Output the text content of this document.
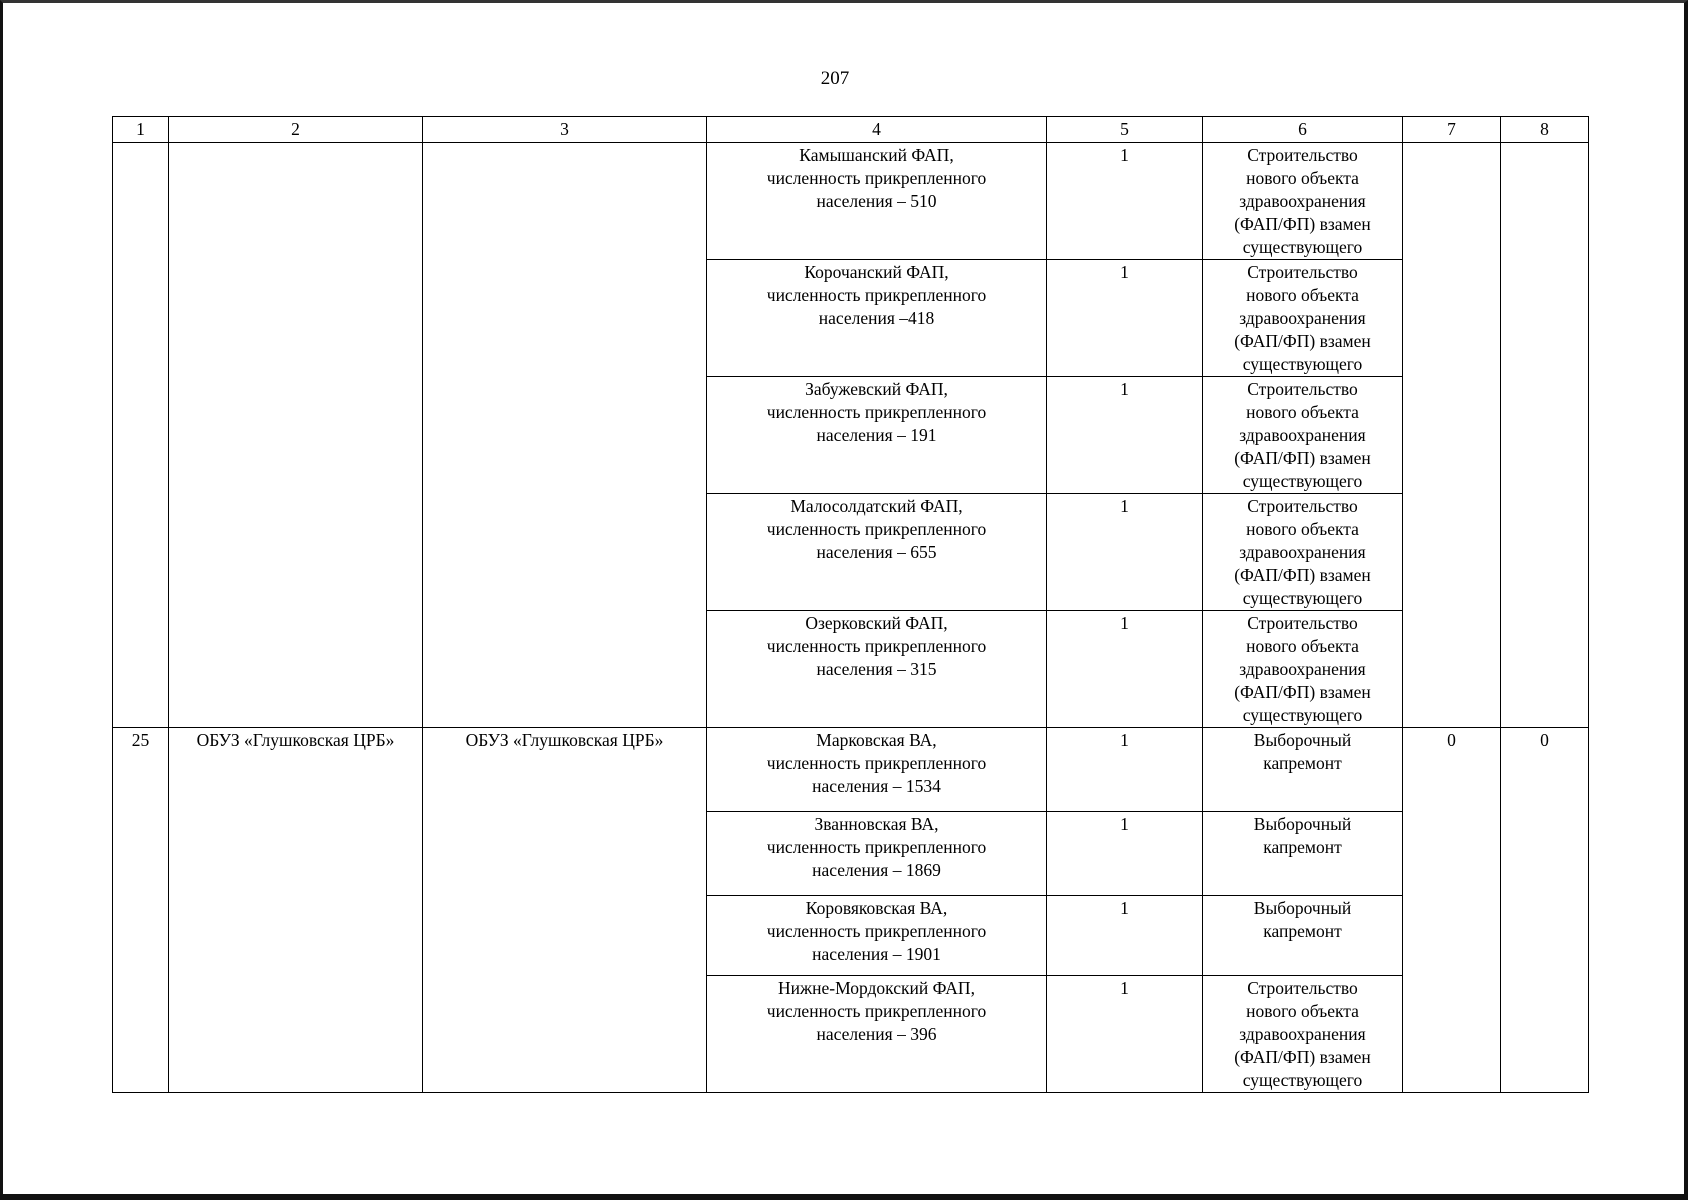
207
1	2	3	4	5	6	7	8

			Камышанский ФАП,
численность прикрепленного
населения – 510	1	Строительство
нового объекта
здравоохранения
(ФАП/ФП) взамен
существующего		

			Корочанский ФАП,
численность прикрепленного
населения –418	1	Строительство
нового объекта
здравоохранения
(ФАП/ФП) взамен
существующего		

			Забужевский ФАП,
численность прикрепленного
населения – 191	1	Строительство
нового объекта
здравоохранения
(ФАП/ФП) взамен
существующего		

			Малосолдатский ФАП,
численность прикрепленного
населения – 655	1	Строительство
нового объекта
здравоохранения
(ФАП/ФП) взамен
существующего		

			Озерковский ФАП,
численность прикрепленного
населения – 315	1	Строительство
нового объекта
здравоохранения
(ФАП/ФП) взамен
существующего		

25	ОБУЗ «Глушковская ЦРБ»	ОБУЗ «Глушковская ЦРБ»	Марковская ВА,
численность прикрепленного
населения – 1534	1	Выборочный
капремонт	0	0

			Званновская ВА,
численность прикрепленного
населения – 1869	1	Выборочный
капремонт		

			Коровяковская ВА,
численность прикрепленного
населения – 1901	1	Выборочный
капремонт		

			Нижне-Мордокский ФАП,
численность прикрепленного
населения – 396	1	Строительство
нового объекта
здравоохранения
(ФАП/ФП) взамен
существующего		
